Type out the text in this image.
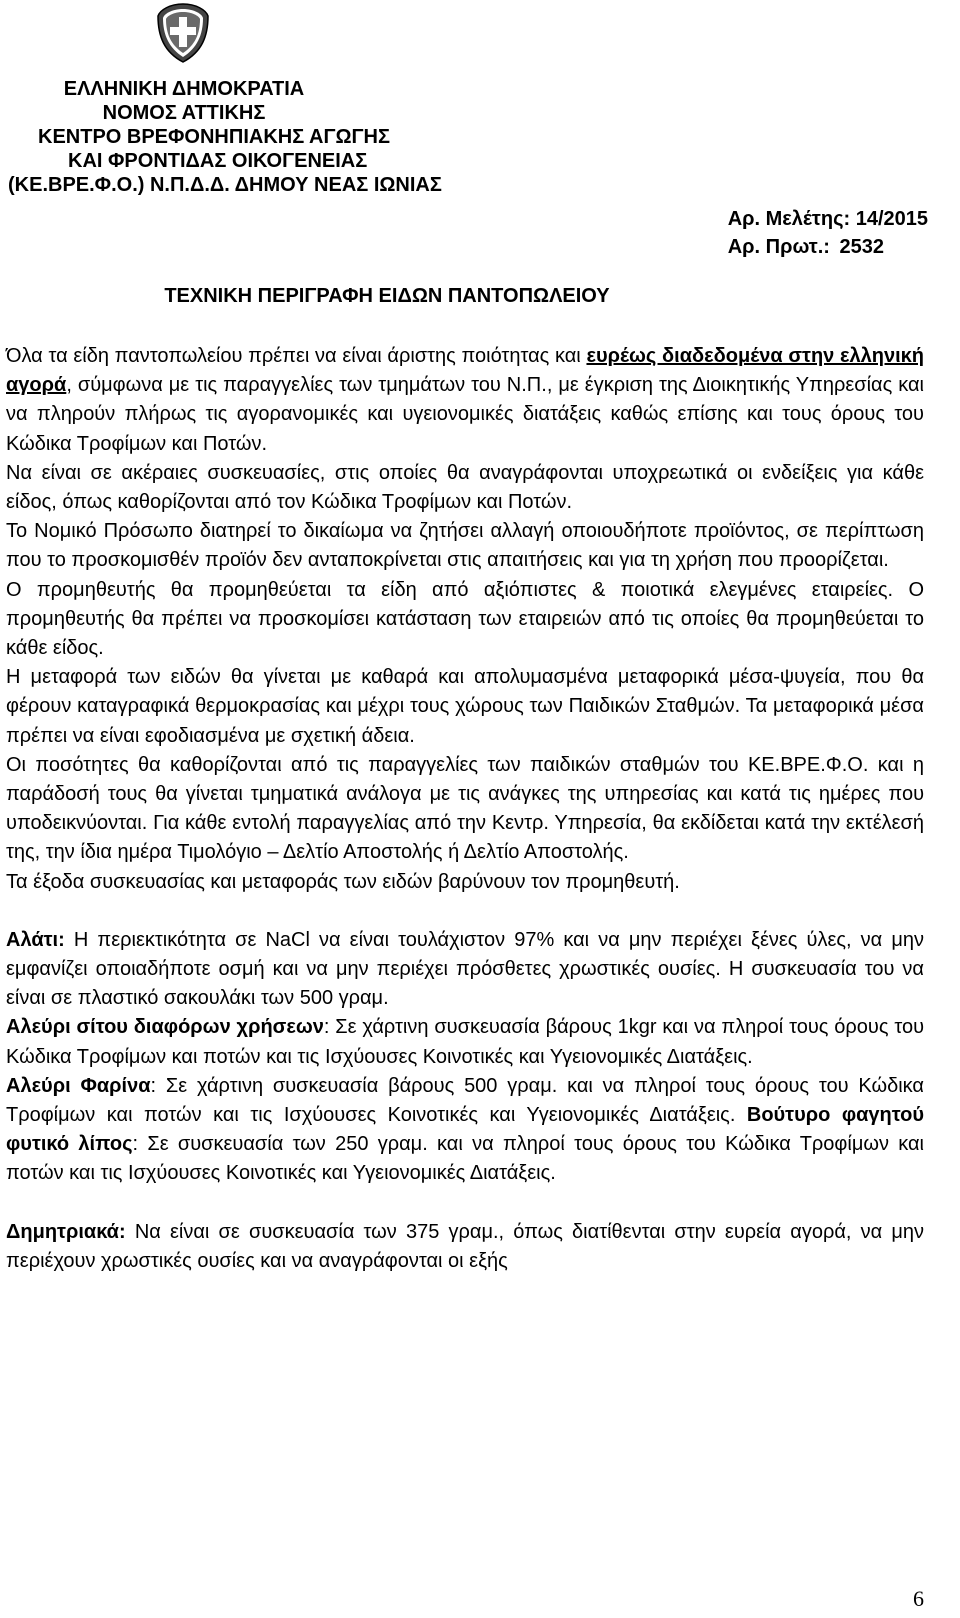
ΕΛΛΗΝΙΚΗ ΔΗΜΟΚΡΑΤΙΑ
ΝΟΜΟΣ ΑΤΤΙΚΗΣ
ΚΕΝΤΡΟ ΒΡΕΦΟΝΗΠΙΑΚΗΣ ΑΓΩΓΗΣ
ΚΑΙ ΦΡΟΝΤΙΔΑΣ ΟΙΚΟΓΕΝΕΙΑΣ
(ΚΕ.ΒΡΕ.Φ.Ο.) Ν.Π.Δ.Δ. ΔΗΜΟΥ ΝΕΑΣ ΙΩΝΙΑΣ
Αρ. Μελέτης: 14/2015
Αρ. Πρωτ.: 2532
ΤΕΧΝΙΚΗ ΠΕΡΙΓΡΑΦΗ ΕΙΔΩΝ ΠΑΝΤΟΠΩΛΕΙΟΥ

Όλα τα είδη παντοπωλείου πρέπει να είναι άριστης ποιότητας και ευρέως διαδεδομένα στην ελληνική αγορά, σύμφωνα με τις παραγγελίες των τμημάτων του Ν.Π., με έγκριση της Διοικητικής Υπηρεσίας και να πληρούν πλήρως τις αγορανομικές και υγειονομικές διατάξεις καθώς επίσης και τους όρους του Κώδικα Τροφίμων και Ποτών.

Να είναι σε ακέραιες συσκευασίες, στις οποίες θα αναγράφονται υποχρεωτικά οι ενδείξεις για κάθε είδος, όπως καθορίζονται από τον Κώδικα Τροφίμων και Ποτών.

Το Νομικό Πρόσωπο διατηρεί το δικαίωμα να ζητήσει αλλαγή οποιουδήποτε προϊόντος, σε περίπτωση που το προσκομισθέν προϊόν δεν ανταποκρίνεται στις απαιτήσεις και για τη χρήση που προορίζεται.

Ο προμηθευτής θα προμηθεύεται τα είδη από αξιόπιστες & ποιοτικά ελεγμένες εταιρείες. Ο προμηθευτής θα πρέπει να προσκομίσει κατάσταση των εταιρειών από τις οποίες θα προμηθεύεται το κάθε είδος.

Η μεταφορά των ειδών θα γίνεται με καθαρά και απολυμασμένα μεταφορικά μέσα-ψυγεία, που θα φέρουν καταγραφικά θερμοκρασίας και μέχρι τους χώρους των Παιδικών Σταθμών. Τα μεταφορικά μέσα πρέπει να είναι εφοδιασμένα με σχετική άδεια.

Οι ποσότητες θα καθορίζονται από τις παραγγελίες των παιδικών σταθμών του ΚΕ.ΒΡΕ.Φ.Ο. και η παράδοσή τους θα γίνεται τμηματικά ανάλογα με τις ανάγκες της υπηρεσίας και κατά τις ημέρες που υποδεικνύονται. Για κάθε εντολή παραγγελίας από την Κεντρ. Υπηρεσία, θα εκδίδεται κατά την εκτέλεσή της, την ίδια ημέρα Τιμολόγιο – Δελτίο Αποστολής ή Δελτίο Αποστολής.

Τα έξοδα συσκευασίας και μεταφοράς των ειδών βαρύνουν τον προμηθευτή.

Αλάτι: Η περιεκτικότητα σε NaCl να είναι τουλάχιστον 97% και να μην περιέχει ξένες ύλες, να μην εμφανίζει οποιαδήποτε οσμή και να μην περιέχει πρόσθετες χρωστικές ουσίες. Η συσκευασία του να είναι σε πλαστικό σακουλάκι των 500 γραμ.

Αλεύρι σίτου διαφόρων χρήσεων: Σε χάρτινη συσκευασία βάρους 1kgr και να πληροί τους όρους του Κώδικα Τροφίμων και ποτών και τις Ισχύουσες Κοινοτικές και Υγειονομικές Διατάξεις.

Αλεύρι Φαρίνα: Σε χάρτινη συσκευασία βάρους 500 γραμ. και να πληροί τους όρους του Κώδικα Τροφίμων και ποτών και τις Ισχύουσες Κοινοτικές και Υγειονομικές Διατάξεις. Βούτυρο φαγητού φυτικό λίπος: Σε συσκευασία των 250 γραμ. και να πληροί τους όρους του Κώδικα Τροφίμων και ποτών και τις Ισχύουσες Κοινοτικές και Υγειονομικές Διατάξεις.

Δημητριακά: Να είναι σε συσκευασία των 375 γραμ., όπως διατίθενται στην ευρεία αγορά, να μην περιέχουν χρωστικές ουσίες και να αναγράφονται οι εξής

6
